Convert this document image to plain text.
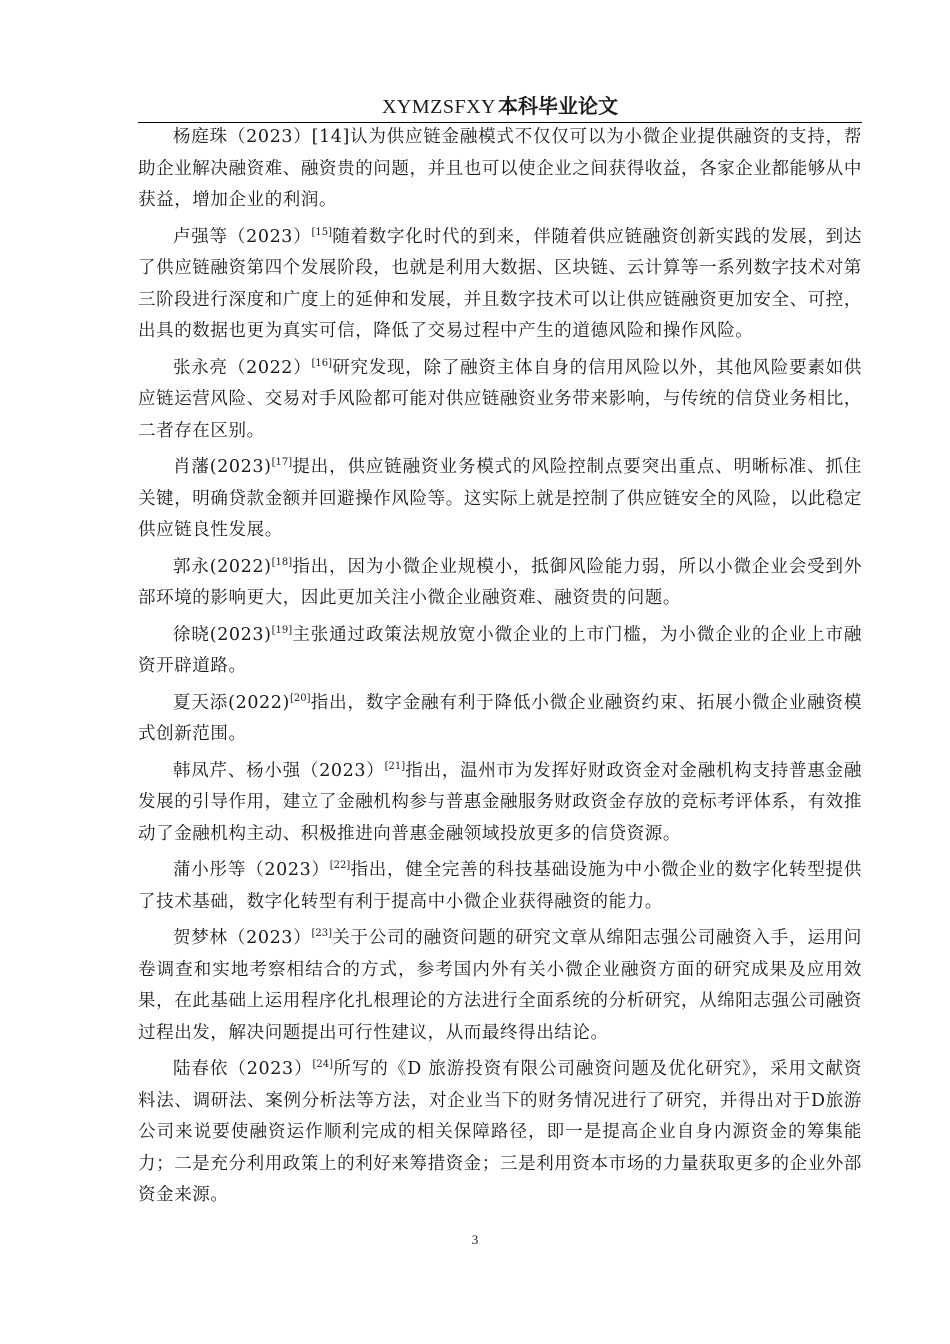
XYMZSFXY 本科毕业论文

杨庭珠（2023）[14]认为供应链金融模式不仅仅可以为小微企业提供融资的支持，帮助企业解决融资难、融资贵的问题，并且也可以使企业之间获得收益，各家企业都能够从中获益，增加企业的利润。

卢强等（2023）[15]随着数字化时代的到来，伴随着供应链融资创新实践的发展，到达了供应链融资第四个发展阶段，也就是利用大数据、区块链、云计算等一系列数字技术对第三阶段进行深度和广度上的延伸和发展，并且数字技术可以让供应链融资更加安全、可控，出具的数据也更为真实可信，降低了交易过程中产生的道德风险和操作风险。

张永亮（2022）[16]研究发现，除了融资主体自身的信用风险以外，其他风险要素如供应链运营风险、交易对手风险都可能对供应链融资业务带来影响，与传统的信贷业务相比，二者存在区别。

肖藩(2023)[17]提出，供应链融资业务模式的风险控制点要突出重点、明晰标准、抓住关键，明确贷款金额并回避操作风险等。这实际上就是控制了供应链安全的风险，以此稳定供应链良性发展。

郭永(2022)[18]指出，因为小微企业规模小，抵御风险能力弱，所以小微企业会受到外部环境的影响更大，因此更加关注小微企业融资难、融资贵的问题。

徐晓(2023)[19]主张通过政策法规放宽小微企业的上市门槛，为小微企业的企业上市融资开辟道路。

夏天添(2022)[20]指出，数字金融有利于降低小微企业融资约束、拓展小微企业融资模式创新范围。

韩凤芹、杨小强（2023）[21]指出，温州市为发挥好财政资金对金融机构支持普惠金融发展的引导作用，建立了金融机构参与普惠金融服务财政资金存放的竞标考评体系，有效推动了金融机构主动、积极推进向普惠金融领域投放更多的信贷资源。

蒲小彤等（2023）[22]指出，健全完善的科技基础设施为中小微企业的数字化转型提供了技术基础，数字化转型有利于提高中小微企业获得融资的能力。

贺梦林（2023）[23]关于公司的融资问题的研究文章从绵阳志强公司融资入手，运用问卷调查和实地考察相结合的方式，参考国内外有关小微企业融资方面的研究成果及应用效果，在此基础上运用程序化扎根理论的方法进行全面系统的分析研究，从绵阳志强公司融资过程出发，解决问题提出可行性建议，从而最终得出结论。

陆春依（2023）[24]所写的《D 旅游投资有限公司融资问题及优化研究》，采用文献资料法、调研法、案例分析法等方法，对企业当下的财务情况进行了研究，并得出对于D旅游公司来说要使融资运作顺利完成的相关保障路径，即一是提高企业自身内源资金的筹集能力；二是充分利用政策上的利好来筹措资金；三是利用资本市场的力量获取更多的企业外部资金来源。

3
